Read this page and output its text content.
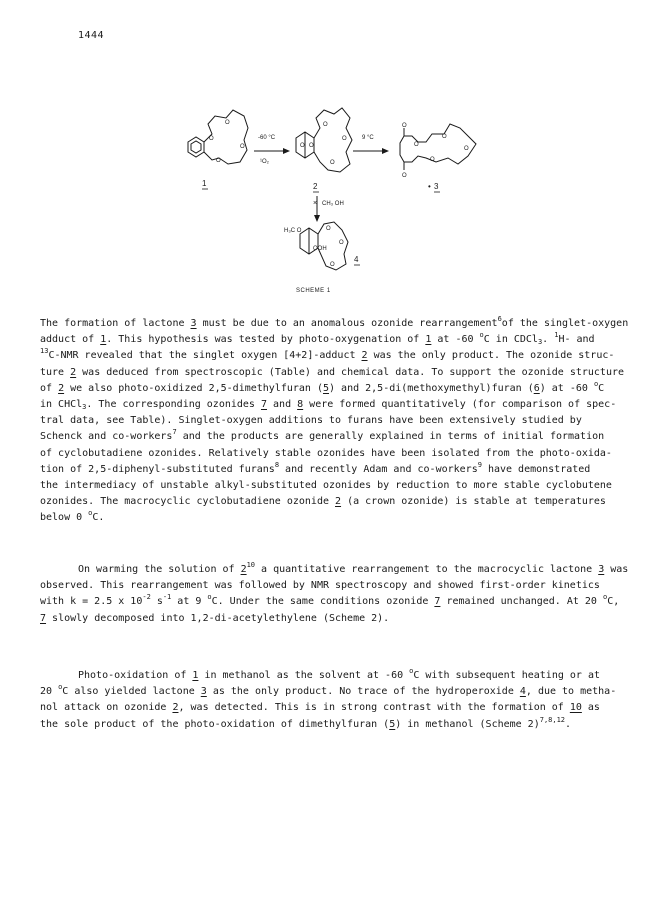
1444
O
O
O
O
1
-60 °C
¹O₂
O
O
O
O
O
2
9 °C
O
O
O
O
O
O
• 3
× CH₃ OH
H₃C O
OOH
O
O
O
4
SCHEME 1

The formation of lactone 3 must be due to an anomalous ozonide rearrangement$^6$of the singlet-oxygen

adduct of 1. This hypothesis was tested by photo-oxygenation of 1 at -60 $^o$C in CDCl$_3$. $^1$H- and

$^{13}$C-NMR revealed that the singlet oxygen [4+2]-adduct 2 was the only product. The ozonide struc-

ture 2 was deduced from spectroscopic (Table) and chemical data. To support the ozonide structure

of 2 we also photo-oxidized 2,5-dimethylfuran (5) and 2,5-di(methoxymethyl)furan (6) at -60 $^o$C

in CHCl$_3$. The corresponding ozonides 7 and 8 were formed quantitatively (for comparison of spec-

tral data, see Table). Singlet-oxygen additions to furans have been extensively studied by

Schenck and co-workers$^7$ and the products are generally explained in terms of initial formation

of cyclobutadiene ozonides. Relatively stable ozonides have been isolated from the photo-oxida-

tion of 2,5-diphenyl-substituted furans$^8$ and recently Adam and co-workers$^9$ have demonstrated

the intermediacy of unstable alkyl-substituted ozonides by reduction to more stable cyclobutene

ozonides. The macrocyclic cyclobutadiene ozonide 2 (a crown ozonide) is stable at temperatures

below 0 $^o$C.

On warming the solution of $2^{10}$ a quantitative rearrangement to the macrocyclic lactone 3 was

observed. This rearrangement was followed by NMR spectroscopy and showed first-order kinetics

with k = 2.5 x $10^{-2}$ $s^{-1}$ at 9 $^o$C. Under the same conditions ozonide 7 remained unchanged. At 20 $^o$C,

7 slowly decomposed into 1,2-di-acetylethylene (Scheme 2).

Photo-oxidation of 1 in methanol as the solvent at -60 $^o$C with subsequent heating or at

20 $^o$C also yielded lactone 3 as the only product. No trace of the hydroperoxide 4, due to metha-

nol attack on ozonide 2, was detected. This is in strong contrast with the formation of 10 as

the sole product of the photo-oxidation of dimethylfuran (5) in methanol (Scheme 2)$^{7,8,12}$.
